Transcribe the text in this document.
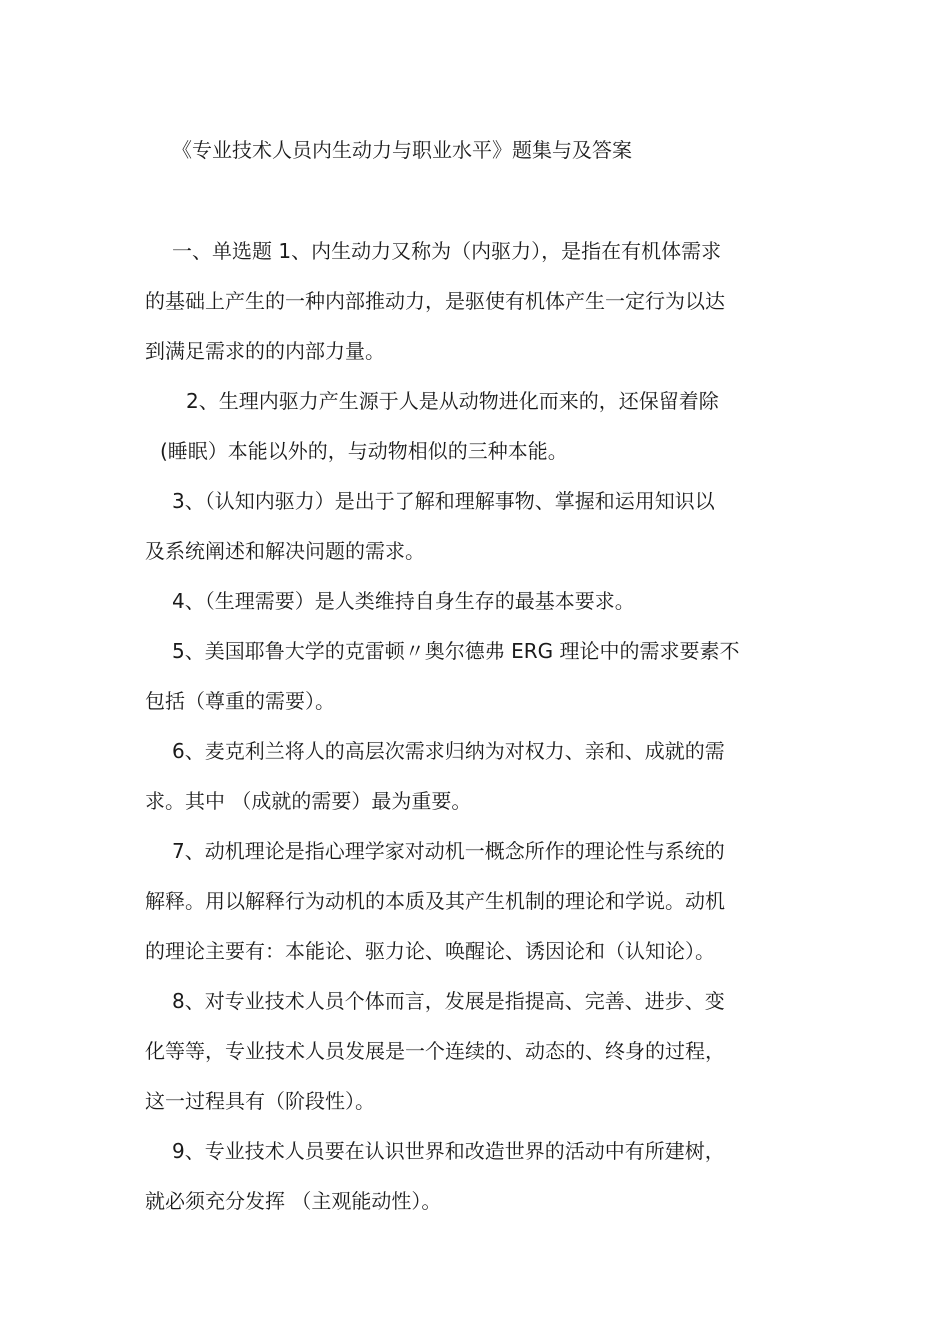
《专业技术人员内生动力与职业水平》题集与及答案
一、单选题 1、内生动力又称为（内驱力），是指在有机体需求
的基础上产生的一种内部推动力，是驱使有机体产生一定行为以达
到满足需求的的内部力量。
2、生理内驱力产生源于人是从动物进化而来的，还保留着除
(睡眠）本能以外的，与动物相似的三种本能。
3、（认知内驱力）是出于了解和理解事物、掌握和运用知识以
及系统阐述和解决问题的需求。
4、（生理需要）是人类维持自身生存的最基本要求。
5、美国耶鲁大学的克雷顿〃奥尔德弗 ERG 理论中的需求要素不
包括（尊重的需要）。
6、麦克利兰将人的高层次需求归纳为对权力、亲和、成就的需
求。其中 （成就的需要）最为重要。
7、动机理论是指心理学家对动机一概念所作的理论性与系统的
解释。用以解释行为动机的本质及其产生机制的理论和学说。动机
的理论主要有：本能论、驱力论、唤醒论、诱因论和（认知论）。
8、对专业技术人员个体而言，发展是指提高、完善、进步、变
化等等，专业技术人员发展是一个连续的、动态的、终身的过程，
这一过程具有（阶段性）。
9、专业技术人员要在认识世界和改造世界的活动中有所建树，
就必须充分发挥 （主观能动性）。
